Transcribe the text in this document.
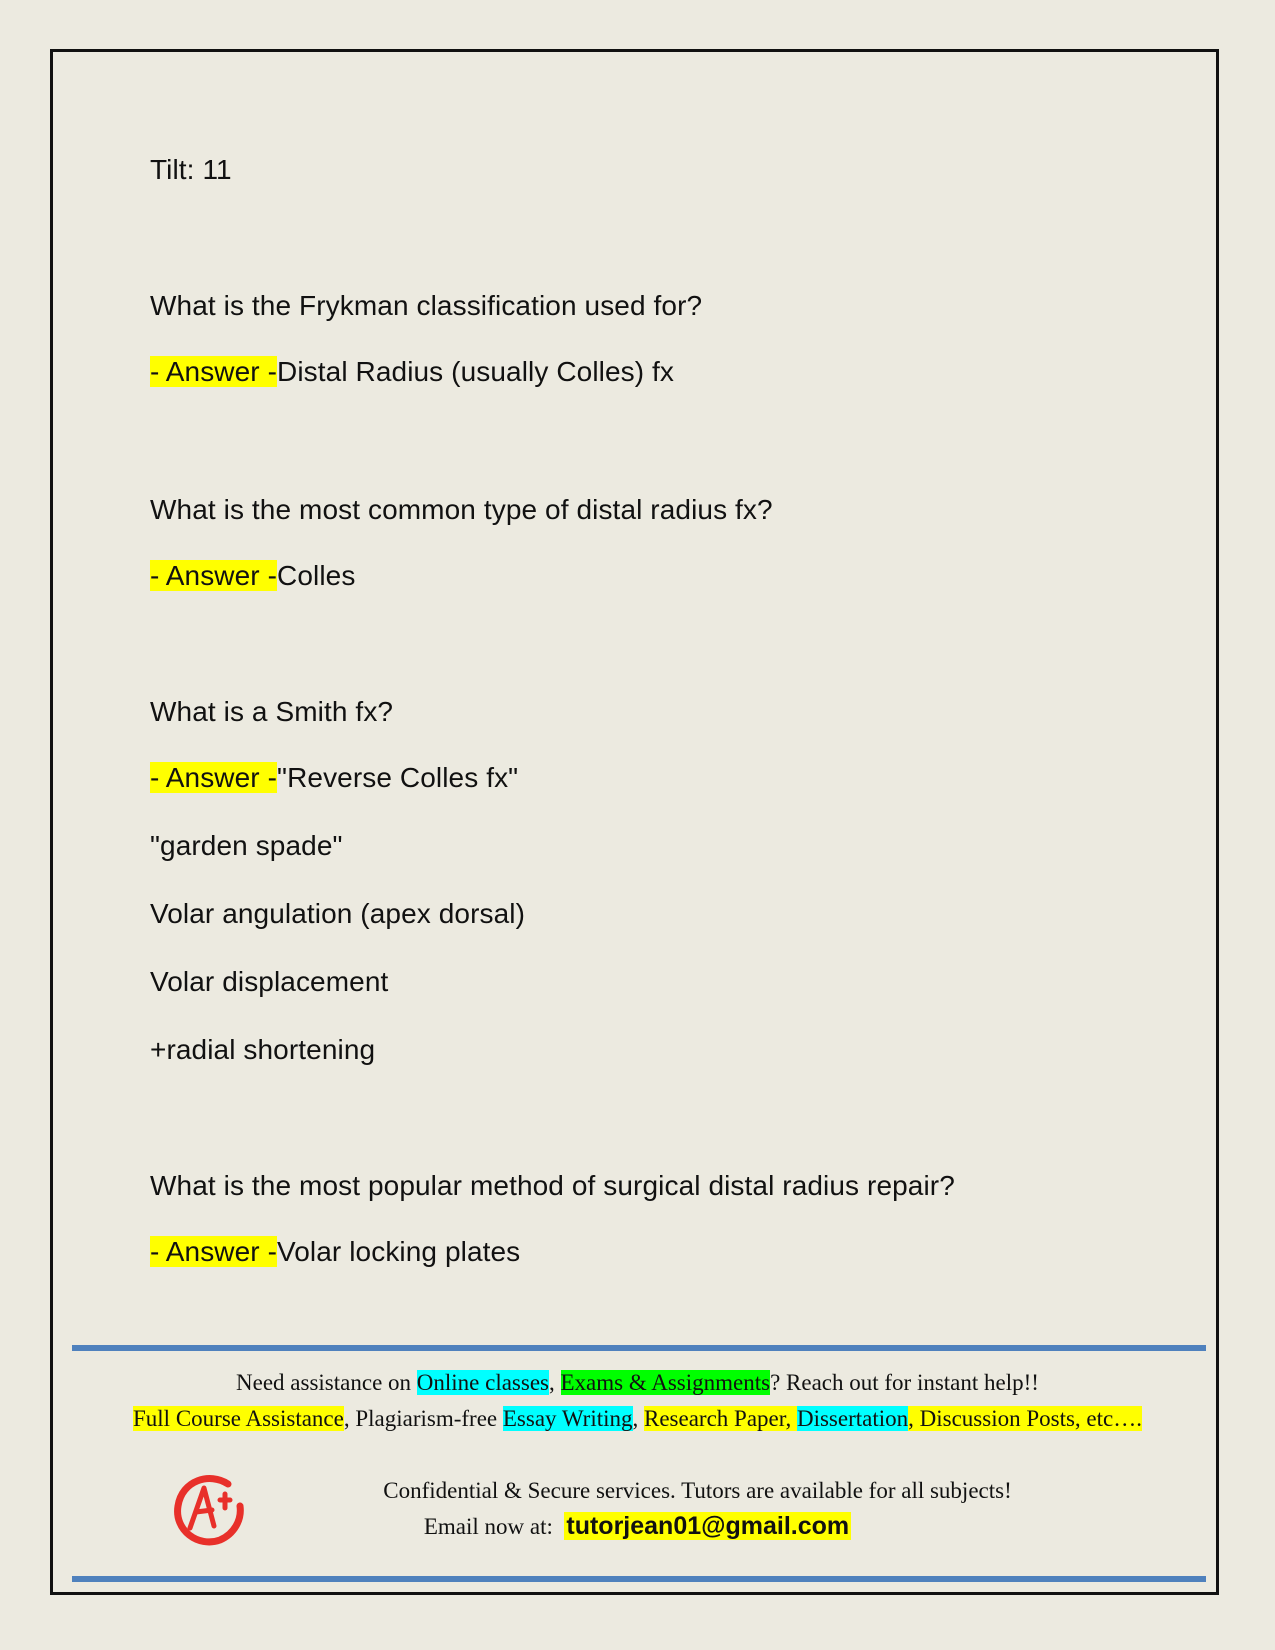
Tilt: 11
What is the Frykman classification used for?
- Answer -Distal Radius (usually Colles) fx
What is the most common type of distal radius fx?
- Answer -Colles
What is a Smith fx?
- Answer -"Reverse Colles fx"
"garden spade"
Volar angulation (apex dorsal)
Volar displacement
+radial shortening
What is the most popular method of surgical distal radius repair?
- Answer -Volar locking plates
Need assistance on Online classes, Exams & Assignments? Reach out for instant help!!
Full Course Assistance, Plagiarism-free Essay Writing, Research Paper, Dissertation, Discussion Posts, etc….
Confidential & Secure services. Tutors are available for all subjects!
Email now at:  tutorjean01@gmail.com
